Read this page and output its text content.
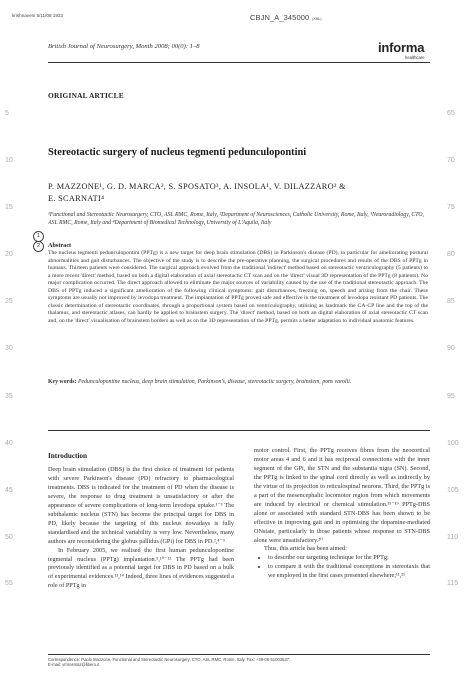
krishnaveni 5/11/08 1933	CBJN_A_345000 (XML)
British Journal of Neurosurgery, Month 2008; 00(0): 1–8	informa
healthcare
ORIGINAL ARTICLE
Stereotactic surgery of nucleus tegmenti pedunculopontini
P. MAZZONE¹, G. D. MARCA², S. SPOSATO³, A. INSOLA¹, V. DILAZZARO² &
E. SCARNATI⁴
¹Functional and Stereotactic Neurosurgery, CTO, ASL RMC, Rome, Italy, ²Department of Neurosciences, Catholic University, Rome, Italy, ³Neuroradiology, CTO, ASL RMC, Rome, Italy and ⁴Department of Biomedical Technology, University of L'Aquila, Italy
1
2	Abstract
The nucleus tegmenti pedunculopontini (PPTg) is a new target for deep brain stimulation (DBS) in Parkinson's disease (PD), in particular for ameliorating postural abnormalities and gait disturbances. The objective of the study is to describe the pre-operative planning, the surgical procedures and results of the DBS of PPTg in humans. Thirteen patients were considered. The surgical approach evolved from the traditional 'indirect' method based on stereotactic ventriculography (5 patients) to a more recent 'direct' method, based on both a digital elaboration of axial stereotactic CT scan and on the 'direct' visual 3D representation of the PPTg (8 patients). No major complication occurred. The direct approach allowed to eliminate the major sources of variability caused by the use of the traditional stereotactic approach. The DBS of PPTg induced a significant amelioration of the following clinical symptoms: gait disturbances, freezing on, speech and arising from the chair. These symptoms are usually not improved by levodopa treatment. The implantation of PPTg proved safe and effective in the treatment of levodopa resistant PD patients. The classic determination of stereotactic coordinates, through a proportional system based on ventriculography, utilising as landmark the CA-CP line and the top of the thalamus, and stereotactic atlases, can hardly be applied to brainstem surgery. The 'direct' method, based on both an digital elaboration of axial stereotactic CT scan and, on the 'direct' visualisation of brainstem borders as well as on the 3D representation of the PPTg, permits a better adaptation to individual anatomic features.
Key words: Pedunculopontine nucleus, deep brain stimulation, Parkinson's, disease, stereotactic surgery, brainstem, pons varolii.
Introduction

Deep brain stimulation (DBS) is the first choice of treatment for patients with severe Parkinson's disease (PD) refractory to pharmacological treatments. DBS is indicated for the treatment of PD when the disease is severe, the response to drug treatment is unsatisfactory or after the appearance of severe complications of long-term levodopa uptake.¹⁻³ The subthalamic nucleus (STN) has become the principal target for DBS in PD, likely because the targeting of this nucleus nowadays is fully standardised and the technical variability is very low. Nevertheless, many authors are reconsidering the globus pallidus (GPi) for DBS in PD.²,⁴⁻⁹

In February 2005, we realised the first human pedunculopontine tegmental nucleus (PPTg) implantation.⁵,¹⁰⁻¹² The PPTg had been previously identified as a potential target for DBS in PD based on a bulk of experimental evidences.¹³,¹⁴ Indeed, three lines of evidences suggested a role of PPTg in

motor control. First, the PPTg receives fibres from the neocortical motor areas 4 and 6 and it has reciprocal connections with the inner segment of the GPi, the STN and the substantia nigra (SN). Second, the PPTg is linked to the spinal cord directly as well as indirectly by the virtue of its projection to reticulospinal neurons. Third, the PPTg is a part of the mesencephalic locomotor region from which movements are induced by electrical or chemical stimulation.¹⁵⁻¹⁹ PPTg-DBS alone or associated with standard STN-DBS has been shown to be effective in improving gait and in optimising the dopamine-mediated ONstate, particularly in those patients whose response to STN-DBS alone were unsatisfactory.²⁰

Thus, this article has been aimed:

• to describe our targeting technique for the PPTg;
• to compare it with the traditional conceptions in stereotaxis that we employed in the first cases presented elsewhere;¹¹,²¹
Correspondence: Paolo Mazzone, Functional and Stereotactic Neurosurgery, CTO, ASL RMC, Rome, Italy. Fax: +39-06-51003537.
E-mail: vmrosmaz@libero.it
5
10
15
20
25
30
35
40
45
50
55
65
70
75
80
85
90
95
100
105
110
115
